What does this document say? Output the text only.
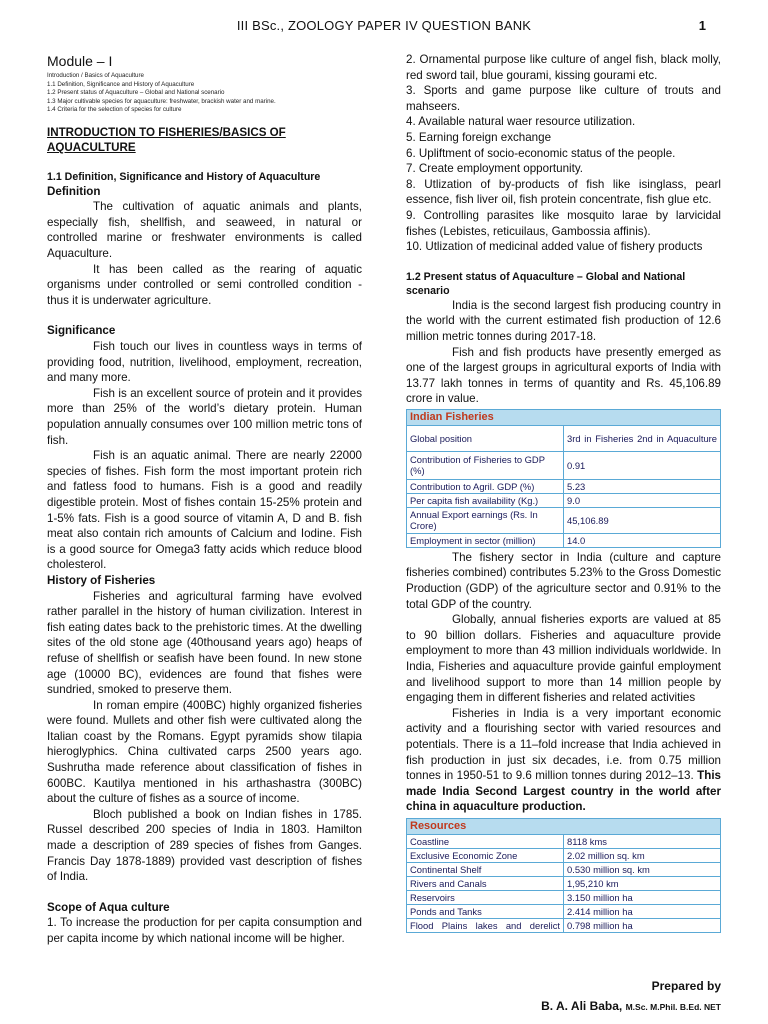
III BSc., ZOOLOGY PAPER IV QUESTION BANK	1
Module – I
Introduction / Basics of Aquaculture
1.1 Definition, Significance and History of Aquaculture
1.2 Present status of Aquaculture – Global and National scenario
1.3 Major cultivable species for aquaculture: freshwater, brackish water and marine.
1.4 Criteria for the selection of species for culture
INTRODUCTION TO FISHERIES/BASICS OF AQUACULTURE
1.1 Definition, Significance and History of Aquaculture
Definition

The cultivation of aquatic animals and plants, especially fish, shellfish, and seaweed, in natural or controlled marine or freshwater environments is called Aquaculture.

It has been called as the rearing of aquatic organisms under controlled or semi controlled condition - thus it is underwater agriculture.

Significance

Fish touch our lives in countless ways in terms of providing food, nutrition, livelihood, employment, recreation, and many more.

Fish is an excellent source of protein and it provides more than 25% of the world’s dietary protein. Human population annually consumes over 100 million metric tons of fish.

Fish is an aquatic animal. There are nearly 22000 species of fishes. Fish form the most important protein rich and fatless food to humans. Fish is a good and readily digestible protein. Most of fishes contain 15-25% protein and 1-5% fats. Fish is a good source of vitamin A, D and B. fish meat also contain rich amounts of Calcium and Iodine. Fish is a good source for Omega3 fatty acids which reduce blood cholesterol.

History of Fisheries

Fisheries and agricultural farming have evolved rather parallel in the history of human civilization. Interest in fish eating dates back to the prehistoric times. At the dwelling sites of the old stone age (40thousand years ago) heaps of refuse of shellfish or seafish have been found. In new stone age (10000 BC), evidences are found that fishes were sundried, smoked to preserve them.

In roman empire (400BC) highly organized fisheries were found. Mullets and other fish were cultivated along the Italian coast by the Romans. Egypt pyramids show tilapia hieroglyphics. China cultivated carps 2500 years ago. Sushrutha made reference about classification of fishes in 600BC. Kautilya mentioned in his arthashastra (300BC) about the culture of fishes as a source of income.

Bloch published a book on Indian fishes in 1785. Russel described 200 species of India in 1803. Hamilton made a description of 289 species of fishes from Ganges. Francis Day 1878-1889) provided vast description of fishes of India.

Scope of Aqua culture

1. To increase the production for per capita consumption and per capita income by which national income will be higher.

2. Ornamental purpose like culture of angel fish, black molly, red sword tail, blue gourami, kissing gourami etc.

3. Sports and game purpose like culture of trouts and mahseers.

4. Available natural waer resource utilization.

5. Earning foreign exchange

6. Upliftment of socio-economic status of the people.

7. Create employment opportunity.

8. Utlization of by-products of fish like isinglass, pearl essence, fish liver oil, fish protein concentrate, fish glue etc.

9. Controlling parasites like mosquito larae by larvicidal fishes (Lebistes, reticuilaus, Gambossia affinis).

10. Utlization of medicinal added value of fishery products

1.2 Present status of Aquaculture – Global and National scenario

India is the second largest fish producing country in the world with the current estimated fish production of 12.6 million metric tonnes during 2017-18.

Fish and fish products have presently emerged as one of the largest groups in agricultural exports of India with 13.77 lakh tonnes in terms of quantity and Rs. 45,106.89 crore in value.

Indian Fisheries	
Global position	3rd in Fisheries 2nd in Aquaculture
Contribution of Fisheries to GDP (%)	0.91
Contribution to Agril. GDP (%)	5.23
Per capita fish availability (Kg.)	9.0
Annual Export earnings (Rs. In Crore)	45,106.89
Employment in sector (million)	14.0

The fishery sector in India (culture and capture fisheries combined) contributes 5.23% to the Gross Domestic Production (GDP) of the agriculture sector and 0.91% to the total GDP of the country.

Globally, annual fisheries exports are valued at 85 to 90 billion dollars. Fisheries and aquaculture provide employment to more than 43 million individuals worldwide. In India, Fisheries and aquaculture provide gainful employment and livelihood support to more than 14 million people by engaging them in different fisheries and related activities

Fisheries in India is a very important economic activity and a flourishing sector with varied resources and potentials. There is a 11–fold increase that India achieved in fish production in just six decades, i.e. from 0.75 million tonnes in 1950-51 to 9.6 million tonnes during 2012–13. This made India Second Largest country in the world after china in aquaculture production.

Resources	
Coastline	8118 kms
Exclusive Economic Zone	2.02 million sq. km
Continental Shelf	0.530 million sq. km
Rivers and Canals	1,95,210 km
Reservoirs	3.150 million ha
Ponds and Tanks	2.414 million ha
Flood Plains lakes and derelict	0.798 million ha
Prepared by
B. A. Ali Baba, M.Sc. M.Phil. B.Ed. NET
